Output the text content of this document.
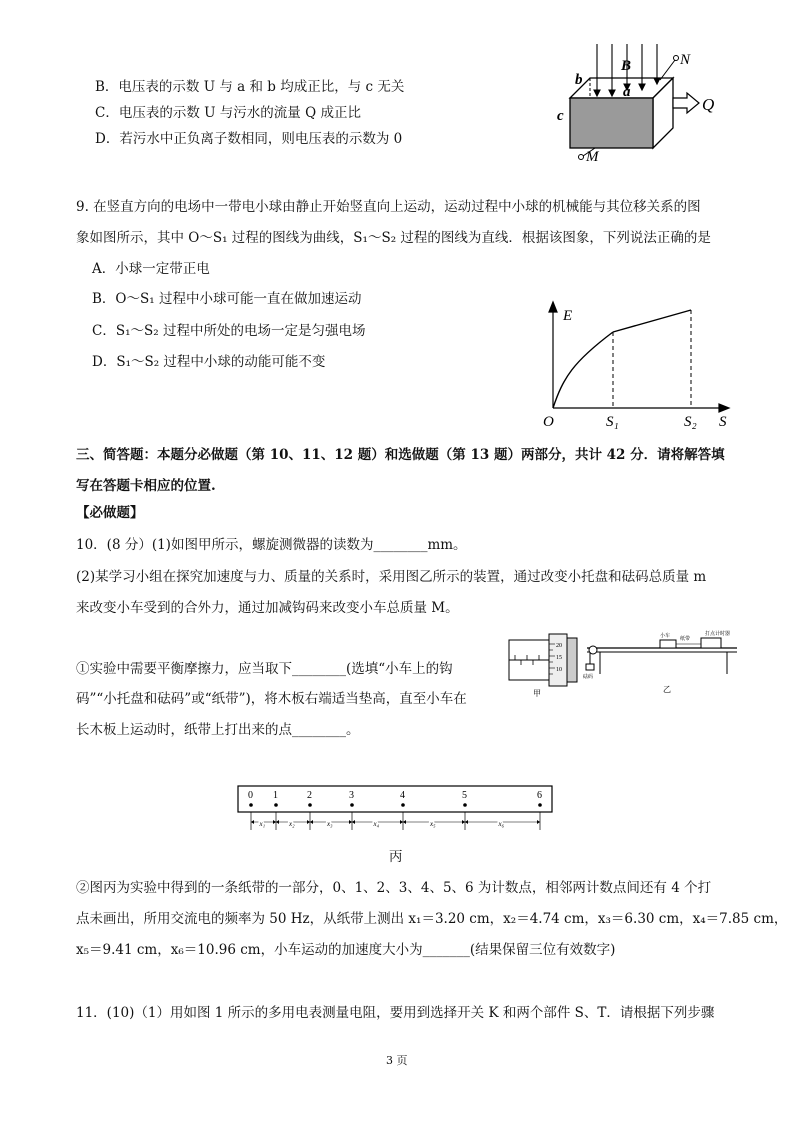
B．电压表的示数 U 与 a 和 b 均成正比，与 c 无关
C．电压表的示数 U 与污水的流量 Q 成正比
D．若污水中正负离子数相同，则电压表的示数为 0
b
B	N
a
Q
c
M
9. 在竖直方向的电场中一带电小球由静止开始竖直向上运动，运动过程中小球的机械能与其位移关系的图
象如图所示，其中 O～S₁ 过程的图线为曲线，S₁～S₂ 过程的图线为直线．根据该图象，下列说法正确的是
A．小球一定带正电
B．O～S₁ 过程中小球可能一直在做加速运动
C．S₁～S₂ 过程中所处的电场一定是匀强电场
D．S₁～S₂ 过程中小球的动能可能不变
E
O	S₁	S₂ S
三、简答题：本题分必做题（第 10、11、12 题）和选做题（第 13 题）两部分，共计 42 分．请将解答填
写在答题卡相应的位置.
【必做题】
10．(8 分）(1)如图甲所示，螺旋测微器的读数为________mm。
(2)某学习小组在探究加速度与力、质量的关系时，采用图乙所示的装置，通过改变小托盘和砝码总质量 m
来改变小车受到的合外力，通过加减钩码来改变小车总质量 M。
①实验中需要平衡摩擦力，应当取下________(选填“小车上的钩
码”“小托盘和砝码”或“纸带”)，将木板右端适当垫高，直至小车在
长木板上运动时，纸带上打出来的点________。
20
15
10
甲
小车
纸带
打点计时器
砝码
乙
0 1	2	3	4	5	6
x₁	x₂	x₃	x₄	x₅	x₆
丙
②图丙为实验中得到的一条纸带的一部分，0、1、2、3、4、5、6 为计数点，相邻两计数点间还有 4 个打
点未画出，所用交流电的频率为 50 Hz，从纸带上测出 x₁＝3.20 cm，x₂＝4.74 cm，x₃＝6.30 cm，x₄＝7.85 cm，
x₅＝9.41 cm，x₆＝10.96 cm，小车运动的加速度大小为_______(结果保留三位有效数字)
11．(10)（1）用如图 1 所示的多用电表测量电阻，要用到选择开关 K 和两个部件 S、T．请根据下列步骤
3 页
